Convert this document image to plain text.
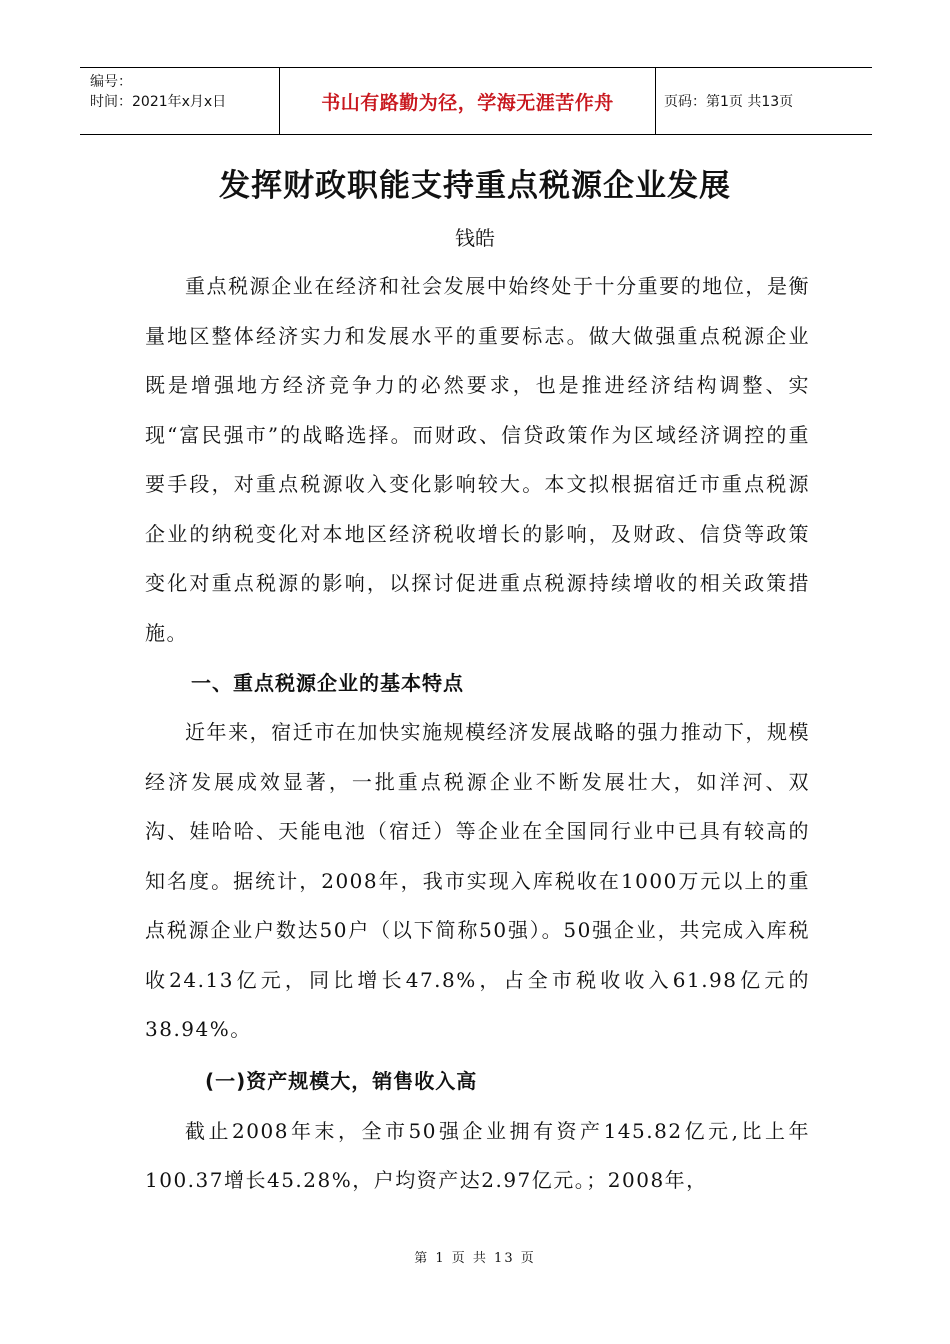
编号：
时间：2021年x月x日	书山有路勤为径，学海无涯苦作舟	页码：第1页 共13页
发挥财政职能支持重点税源企业发展
钱皓

重点税源企业在经济和社会发展中始终处于十分重要的地位，是衡量地区整体经济实力和发展水平的重要标志。做大做强重点税源企业既是增强地方经济竞争力的必然要求，也是推进经济结构调整、实现“富民强市”的战略选择。而财政、信贷政策作为区域经济调控的重要手段，对重点税源收入变化影响较大。本文拟根据宿迁市重点税源企业的纳税变化对本地区经济税收增长的影响，及财政、信贷等政策变化对重点税源的影响，以探讨促进重点税源持续增收的相关政策措施。

一、重点税源企业的基本特点

近年来，宿迁市在加快实施规模经济发展战略的强力推动下，规模经济发展成效显著，一批重点税源企业不断发展壮大，如洋河、双沟、娃哈哈、天能电池（宿迁）等企业在全国同行业中已具有较高的知名度。据统计，2008年，我市实现入库税收在1000万元以上的重点税源企业户数达50户（以下简称50强）。50强企业，共完成入库税收24.13亿元，同比增长47.8%，占全市税收收入61.98亿元的38.94%。

(一)资产规模大，销售收入高

截止2008年末，全市50强企业拥有资产145.82亿元,比上年100.37增长45.28%，户均资产达2.97亿元。；2008年，

第 1 页 共 13 页
